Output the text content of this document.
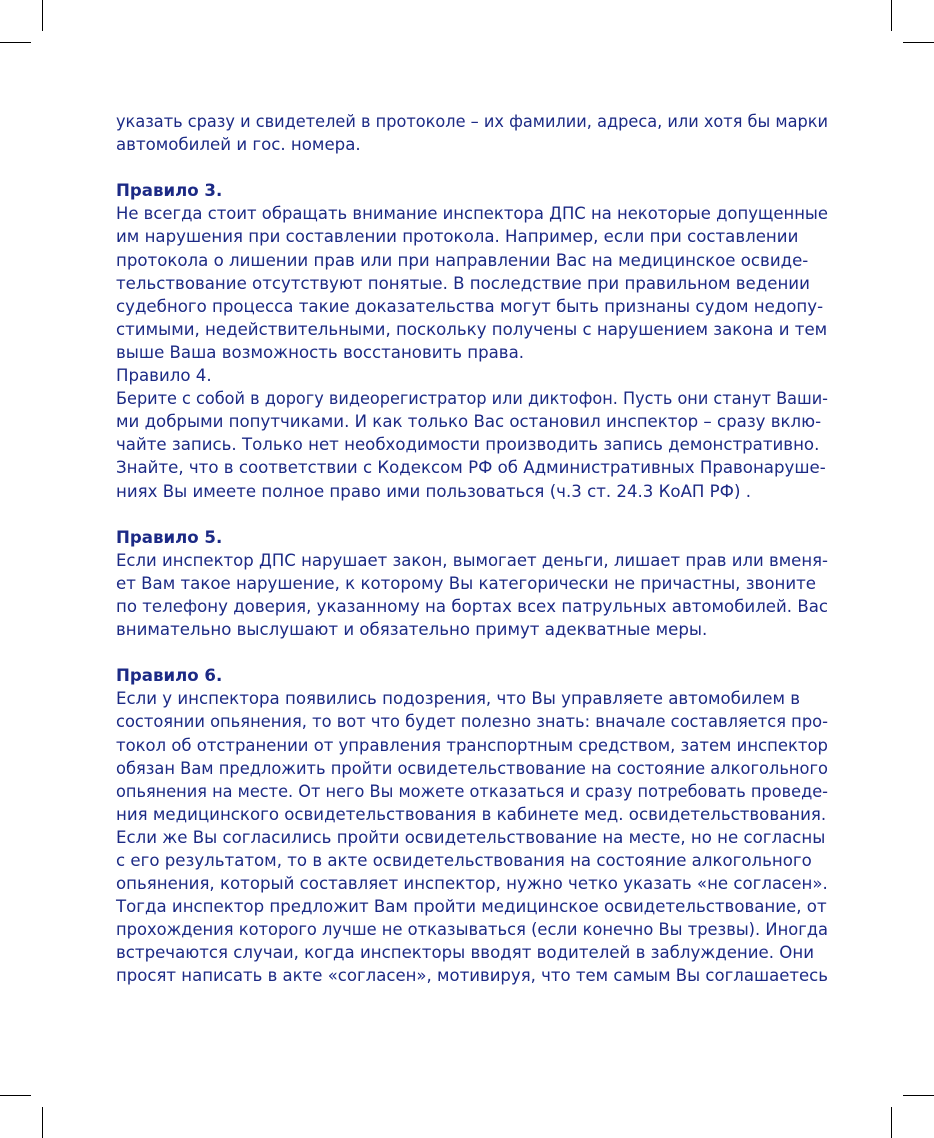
указать сразу и свидетелей в протоколе – их фамилии, адреса, или хотя бы марки
автомобилей и гос. номера.
Правило 3.
Не всегда стоит обращать внимание инспектора ДПС на некоторые допущенные
им нарушения при составлении протокола. Например, если при составлении
протокола о лишении прав или при направлении Вас на медицинское освиде-
тельствование отсутствуют понятые. В последствие при правильном ведении
судебного процесса такие доказательства могут быть признаны судом недопу-
стимыми, недействительными, поскольку получены с нарушением закона и тем
выше Ваша возможность восстановить права.
Правило 4.
Берите с собой в дорогу видеорегистратор или диктофон. Пусть они станут Ваши-
ми добрыми попутчиками. И как только Вас остановил инспектор – сразу вклю-
чайте запись. Только нет необходимости производить запись демонстративно.
Знайте, что в соответствии с Кодексом РФ об Административных Правонаруше-
ниях Вы имеете полное право ими пользоваться (ч.3 ст. 24.3 КоАП РФ) .
Правило 5.
Если инспектор ДПС нарушает закон, вымогает деньги, лишает прав или вменя-
ет Вам такое нарушение, к которому Вы категорически не причастны, звоните
по телефону доверия, указанному на бортах всех патрульных автомобилей. Вас
внимательно выслушают и обязательно примут адекватные меры.
Правило 6.
Если у инспектора появились подозрения, что Вы управляете автомобилем в
состоянии опьянения, то вот что будет полезно знать: вначале составляется про-
токол об отстранении от управления транспортным средством, затем инспектор
обязан Вам предложить пройти освидетельствование на состояние алкогольного
опьянения на месте. От него Вы можете отказаться и сразу потребовать проведе-
ния медицинского освидетельствования в кабинете мед. освидетельствования.
Если же Вы согласились пройти освидетельствование на месте, но не согласны
с его результатом, то в акте освидетельствования на состояние алкогольного
опьянения, который составляет инспектор, нужно четко указать «не согласен».
Тогда инспектор предложит Вам пройти медицинское освидетельствование, от
прохождения которого лучше не отказываться (если конечно Вы трезвы). Иногда
встречаются случаи, когда инспекторы вводят водителей в заблуждение. Они
просят написать в акте «согласен», мотивируя, что тем самым Вы соглашаетесь
